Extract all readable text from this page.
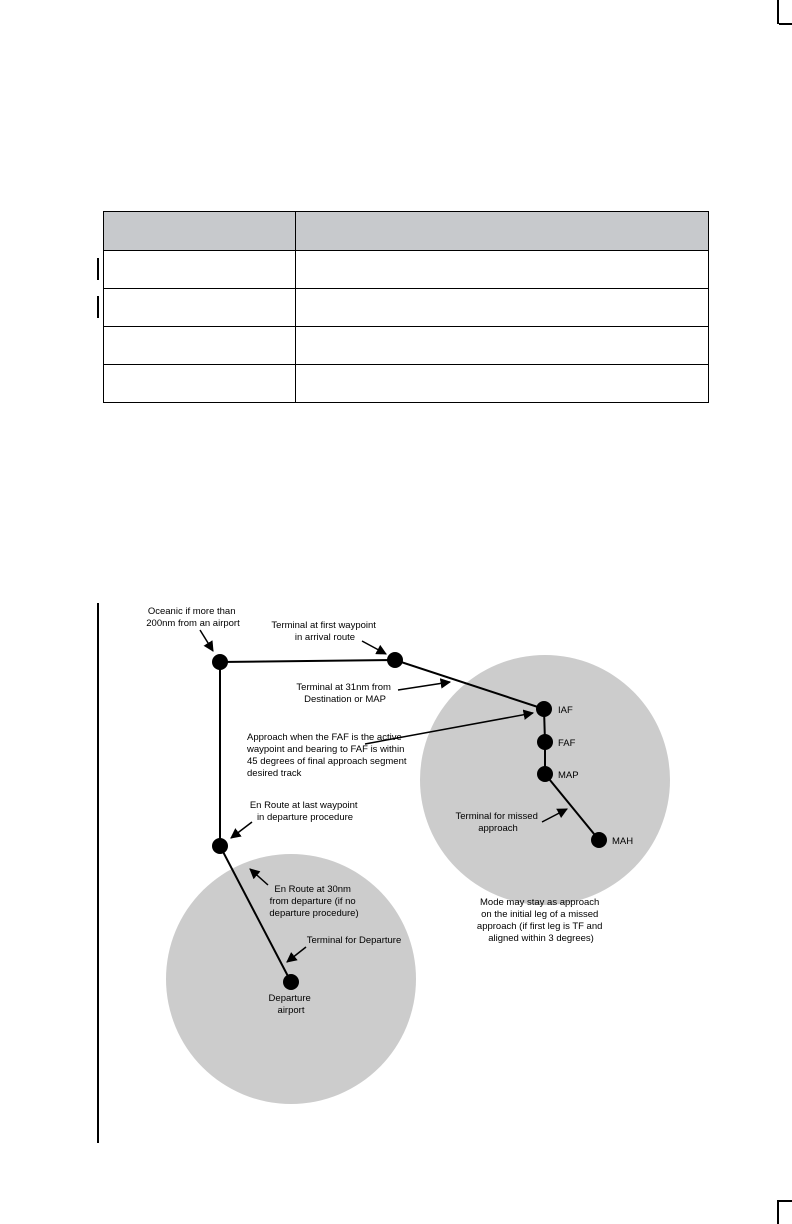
Oceanic if more than 200nm from an airport	Terminal at first waypoint in arrival route
Terminal at 31nm from Destination or MAP
Approach when the FAF is the active waypoint and bearing to FAF is within 45 degrees of final approach segment desired track
En Route at last waypoint in departure procedure
En Route at 30nm from departure (if no departure procedure)
Terminal for Departure
Departure airport
Terminal for missed approach
Mode may stay as approach on the initial leg of a missed approach (if first leg is TF and aligned within 3 degrees)
IAF
FAF
MAP
MAH
